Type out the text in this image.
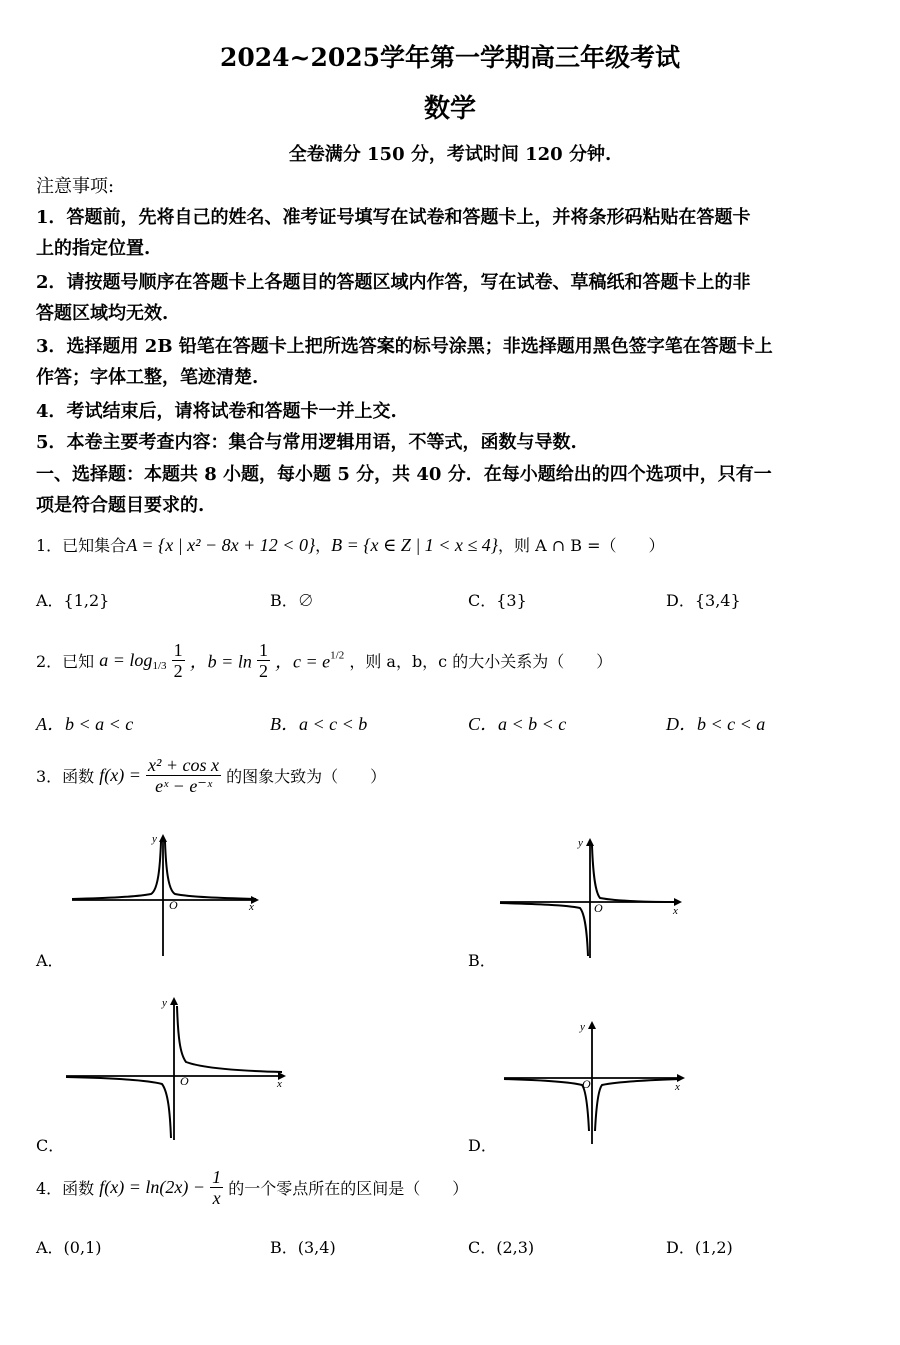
2024~2025学年第一学期高三年级考试
数学
全卷满分 150 分，考试时间 120 分钟.
注意事项:
1．答题前，先将自己的姓名、准考证号填写在试卷和答题卡上，并将条形码粘贴在答题卡
上的指定位置.
2．请按题号顺序在答题卡上各题目的答题区域内作答，写在试卷、草稿纸和答题卡上的非
答题区域均无效.
3．选择题用 2B 铅笔在答题卡上把所选答案的标号涂黑；非选择题用黑色签字笔在答题卡上
作答；字体工整，笔迹清楚.
4．考试结束后，请将试卷和答题卡一并上交.
5．本卷主要考查内容：集合与常用逻辑用语，不等式，函数与导数.
一、选择题：本题共 8 小题，每小题 5 分，共 40 分．在每小题给出的四个选项中，只有一
项是符合题目要求的.
1．已知集合A = {x | x² − 8x + 12 < 0}，B = {x ∈ Z | 1 < x ≤ 4}，则 A ∩ B =（　　）
A．{1,2}	B．∅	C．{3}	D．{3,4}
2．已知 $a = \log_{1/3} \frac{1}{2}$ ，$b = \ln \frac{1}{2}$ ，$c = e^{1/2}$ ，则 a，b，c 的大小关系为（　　）
A．b < a < c	B．a < c < b	C．a < b < c	D．b < c < a
3．函数 $f(x) = \frac{\text{x² + cos x}}{\text{eˣ − e⁻ˣ}}$ 的图象大致为（　　）
O	x
y
A．
O	x
y
B．
O	x
y
C．
O	x
y
D．
4．函数 $f(x) = \ln(2x) - \frac{1}{x}$ 的一个零点所在的区间是（　　）
A．(0,1)	B．(3,4)	C．(2,3)	D．(1,2)
